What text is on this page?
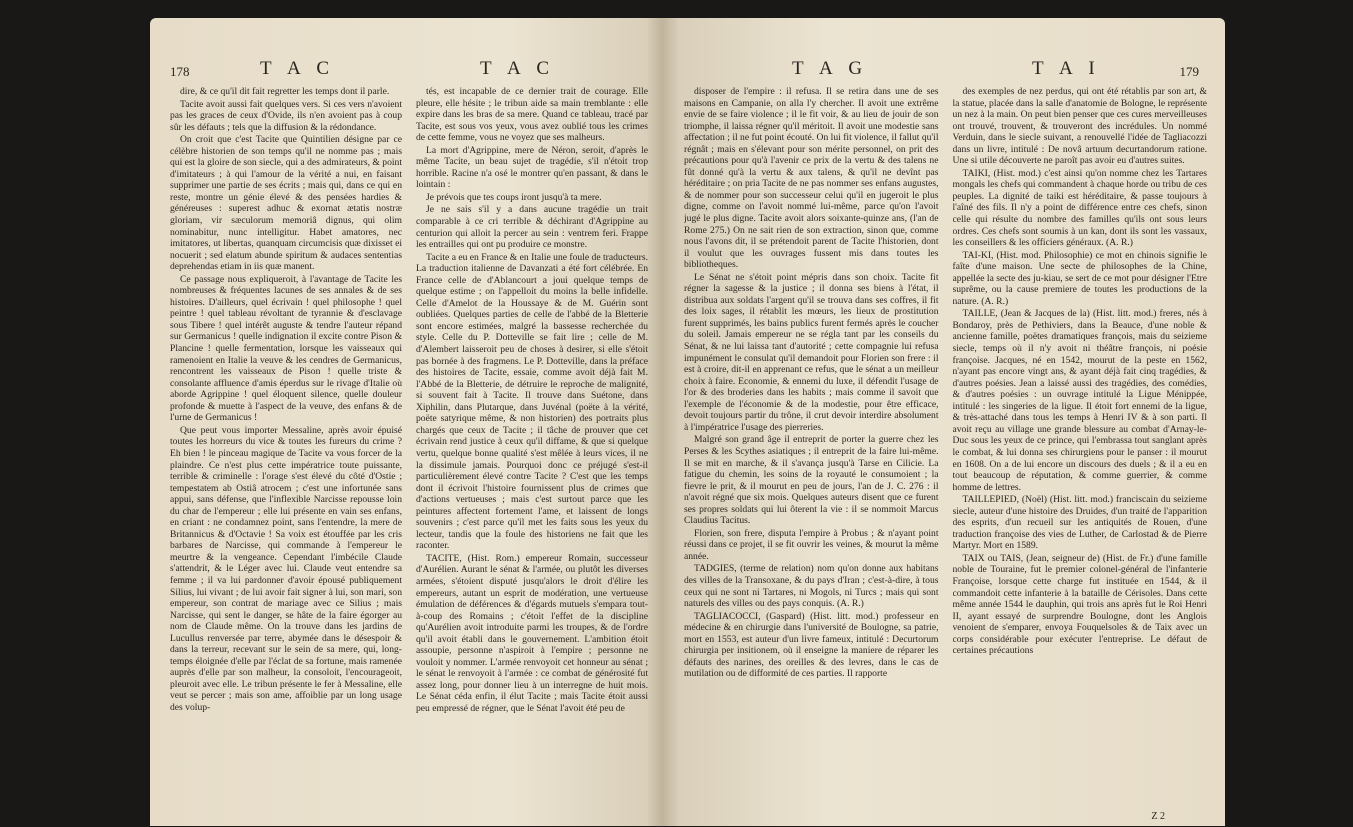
178	T A C	T A C

dire, & ce qu'il dit fait regretter les temps dont il parle.

Tacite avoit aussi fait quelques vers. Si ces vers n'avoient pas les graces de ceux d'Ovide, ils n'en avoient pas à coup sûr les défauts ; tels que la diffusion & la rédondance.

On croit que c'est Tacite que Quintilien désigne par ce célèbre historien de son temps qu'il ne nomme pas ; mais qui est la gloire de son siecle, qui a des admirateurs, & point d'imitateurs ; à qui l'amour de la vérité a nui, en faisant supprimer une partie de ses écrits ; mais qui, dans ce qui en reste, montre un génie élevé & des pensées hardies & généreuses : superest adhuc & exornat ætatis nostræ gloriam, vir sæculorum memoriâ dignus, qui olim nominabitur, nunc intelligitur. Habet amatores, nec imitatores, ut libertas, quanquam circumcisis quæ dixisset ei nocuerit ; sed elatum abunde spiritum & audaces sententias deprehendas etiam in iis quæ manent.

Ce passage nous expliqueroit, à l'avantage de Tacite les nombreuses & fréquentes lacunes de ses annales & de ses histoires. D'ailleurs, quel écrivain ! quel philosophe ! quel peintre ! quel tableau révoltant de tyrannie & d'esclavage sous Tibere ! quel intérêt auguste & tendre l'auteur répand sur Germanicus ! quelle indignation il excite contre Pison & Plancine ! quelle fermentation, lorsque les vaisseaux qui ramenoient en Italie la veuve & les cendres de Germanicus, rencontrent les vaisseaux de Pison ! quelle triste & consolante affluence d'amis éperdus sur le rivage d'Italie où aborde Agrippine ! quel éloquent silence, quelle douleur profonde & muette à l'aspect de la veuve, des enfans & de l'urne de Germanicus !

Que peut vous importer Messaline, après avoir épuisé toutes les horreurs du vice & toutes les fureurs du crime ? Eh bien ! le pinceau magique de Tacite va vous forcer de la plaindre. Ce n'est plus cette impératrice toute puissante, terrible & criminelle : l'orage s'est élevé du côté d'Ostie ; tempestatem ab Ostiâ atrocem ; c'est une infortunée sans appui, sans défense, que l'inflexible Narcisse repousse loin du char de l'empereur ; elle lui présente en vain ses enfans, en criant : ne condamnez point, sans l'entendre, la mere de Britannicus & d'Octavie ! Sa voix est étouffée par les cris barbares de Narcisse, qui commande à l'empereur le meurtre & la vengeance. Cependant l'imbécile Claude s'attendrit, & le Léger avec lui. Claude veut entendre sa femme ; il va lui pardonner d'avoir épousé publiquement Silius, lui vivant ; de lui avoir fait signer à lui, son mari, son empereur, son contrat de mariage avec ce Silius ; mais Narcisse, qui sent le danger, se hâte de la faire égorger au nom de Claude même. On la trouve dans les jardins de Lucullus renversée par terre, abymée dans le désespoir & dans la terreur, recevant sur le sein de sa mere, qui, long-temps éloignée d'elle par l'éclat de sa fortune, mais ramenée auprès d'elle par son malheur, la consoloit, l'encourageoit, pleuroit avec elle. Le tribun présente le fer à Messaline, elle veut se percer ; mais son ame, affoiblie par un long usage des volup-

tés, est incapable de ce dernier trait de courage. Elle pleure, elle hésite ; le tribun aide sa main tremblante : elle expire dans les bras de sa mere. Quand ce tableau, tracé par Tacite, est sous vos yeux, vous avez oublié tous les crimes de cette femme, vous ne voyez que ses malheurs.

La mort d'Agrippine, mere de Néron, seroit, d'après le même Tacite, un beau sujet de tragédie, s'il n'étoit trop horrible. Racine n'a osé le montrer qu'en passant, & dans le lointain :

Je prévois que tes coups iront jusqu'à ta mere.

Je ne sais s'il y a dans aucune tragédie un trait comparable à ce cri terrible & déchirant d'Agrippine au centurion qui alloit la percer au sein : ventrem feri. Frappe les entrailles qui ont pu produire ce monstre.

Tacite a eu en France & en Italie une foule de traducteurs. La traduction italienne de Davanzati a été fort célébrée. En France celle de d'Ablancourt a joui quelque temps de quelque estime ; on l'appelloit du moins la belle infidelle. Celle d'Amelot de la Houssaye & de M. Guérin sont oubliées. Quelques parties de celle de l'abbé de la Bletterie sont encore estimées, malgré la bassesse recherchée du style. Celle du P. Dotteville se fait lire ; celle de M. d'Alembert laisseroit peu de choses à desirer, si elle s'étoit pas bornée à des fragmens. Le P. Dotteville, dans la préface des histoires de Tacite, essaie, comme avoit déjà fait M. l'Abbé de la Bletterie, de détruire le reproche de malignité, si souvent fait à Tacite. Il trouve dans Suétone, dans Xiphilin, dans Plutarque, dans Juvénal (poëte à la vérité, poëte satyrique même, & non historien) des portraits plus chargés que ceux de Tacite ; il tâche de prouver que cet écrivain rend justice à ceux qu'il diffame, & que si quelque vertu, quelque bonne qualité s'est mêlée à leurs vices, il ne la dissimule jamais. Pourquoi donc ce préjugé s'est-il particulièrement élevé contre Tacite ? C'est que les temps dont il écrivoit l'histoire fournissent plus de crimes que d'actions vertueuses ; mais c'est surtout parce que les peintures affectent fortement l'ame, et laissent de longs souvenirs ; c'est parce qu'il met les faits sous les yeux du lecteur, tandis que la foule des historiens ne fait que les raconter.

TACITE, (Hist. Rom.) empereur Romain, successeur d'Aurélien. Aurant le sénat & l'armée, ou plutôt les diverses armées, s'étoient disputé jusqu'alors le droit d'élire les empereurs, autant un esprit de modération, une vertueuse émulation de déférences & d'égards mutuels s'empara tout-à-coup des Romains ; c'étoit l'effet de la discipline qu'Aurélien avoit introduite parmi les troupes, & de l'ordre qu'il avoit établi dans le gouvernement. L'ambition étoit assoupie, personne n'aspiroit à l'empire ; personne ne vouloit y nommer. L'armée renvoyoit cet honneur au sénat ; le sénat le renvoyoit à l'armée : ce combat de générosité fut assez long, pour donner lieu à un interregne de huit mois. Le Sénat céda enfin, il élut Tacite ; mais Tacite étoit aussi peu empressé de régner, que le Sénat l'avoit été peu de

T A G	T A I	179

disposer de l'empire : il refusa. Il se retira dans une de ses maisons en Campanie, on alla l'y chercher. Il avoit une extrême envie de se faire violence ; il le fit voir, & au lieu de jouir de son triomphe, il laissa régner qu'il méritoit. Il avoit une modestie sans affectation ; il ne fut point écouté. On lui fit violence, il fallut qu'il régnât ; mais en s'élevant pour son mérite personnel, on prit des précautions pour qu'à l'avenir ce prix de la vertu & des talens ne fût donné qu'à la vertu & aux talens, & qu'il ne devînt pas héréditaire ; on pria Tacite de ne pas nommer ses enfans augustes, & de nommer pour son successeur celui qu'il en jugeroit le plus digne, comme on l'avoit nommé lui-même, parce qu'on l'avoit jugé le plus digne. Tacite avoit alors soixante-quinze ans, (l'an de Rome 275.) On ne sait rien de son extraction, sinon que, comme nous l'avons dit, il se prétendoit parent de Tacite l'historien, dont il voulut que les ouvrages fussent mis dans toutes les bibliotheques.

Le Sénat ne s'étoit point mépris dans son choix. Tacite fit régner la sagesse & la justice ; il donna ses biens à l'état, il distribua aux soldats l'argent qu'il se trouva dans ses coffres, il fit des loix sages, il rétablit les mœurs, les lieux de prostitution furent supprimés, les bains publics furent fermés après le coucher du soleil. Jamais empereur ne se régla tant par les conseils du Sénat, & ne lui laissa tant d'autorité ; cette compagnie lui refusa impunément le consulat qu'il demandoit pour Florien son frere : il est à croire, dit-il en apprenant ce refus, que le sénat a un meilleur choix à faire. Economie, & ennemi du luxe, il défendit l'usage de l'or & des broderies dans les habits ; mais comme il savoit que l'exemple de l'économie & de la modestie, pour être efficace, devoit toujours partir du trône, il crut devoir interdire absolument à l'impératrice l'usage des pierreries.

Malgré son grand âge il entreprit de porter la guerre chez les Perses & les Scythes asiatiques ; il entreprit de la faire lui-même. Il se mit en marche, & il s'avança jusqu'à Tarse en Cilicie. La fatigue du chemin, les soins de la royauté le consumoient ; la fievre le prit, & il mourut en peu de jours, l'an de J. C. 276 : il n'avoit régné que six mois. Quelques auteurs disent que ce furent ses propres soldats qui lui ôterent la vie : il se nommoit Marcus Claudius Tacitus.

Florien, son frere, disputa l'empire à Probus ; & n'ayant point réussi dans ce projet, il se fit ouvrir les veines, & mourut la même année.

TADGIES, (terme de relation) nom qu'on donne aux habitans des villes de la Transoxane, & du pays d'Iran ; c'est-à-dire, à tous ceux qui ne sont ni Tartares, ni Mogols, ni Turcs ; mais qui sont naturels des villes ou des pays conquis. (A. R.)

TAGLIACOCCI, (Gaspard) (Hist. litt. mod.) professeur en médecine & en chirurgie dans l'université de Boulogne, sa patrie, mort en 1553, est auteur d'un livre fameux, intitulé : Decurtorum chirurgia per insitionem, où il enseigne la maniere de réparer les défauts des narines, des oreilles & des levres, dans le cas de mutilation ou de difformité de ces parties. Il rapporte

des exemples de nez perdus, qui ont été rétablis par son art, & la statue, placée dans la salle d'anatomie de Bologne, le représente un nez à la main. On peut bien penser que ces cures merveilleuses ont trouvé, trouvent, & trouveront des incrédules. Un nommé Verduin, dans le siecle suivant, a renouvellé l'idée de Tagliacozzi dans un livre, intitulé : De novâ artuum decurtandorum ratione. Une si utile découverte ne paroît pas avoir eu d'autres suites.

TAIKI, (Hist. mod.) c'est ainsi qu'on nomme chez les Tartares mongals les chefs qui commandent à chaque horde ou tribu de ces peuples. La dignité de taiki est héréditaire, & passe toujours à l'aîné des fils. Il n'y a point de différence entre ces chefs, sinon celle qui résulte du nombre des familles qu'ils ont sous leurs ordres. Ces chefs sont soumis à un kan, dont ils sont les vassaux, les conseillers & les officiers généraux. (A. R.)

TAI-KI, (Hist. mod. Philosophie) ce mot en chinois signifie le faîte d'une maison. Une secte de philosophes de la Chine, appellée la secte des ju-kiau, se sert de ce mot pour désigner l'Etre suprême, ou la cause premiere de toutes les productions de la nature. (A. R.)

TAILLE, (Jean & Jacques de la) (Hist. litt. mod.) freres, nés à Bondaroy, près de Pethiviers, dans la Beauce, d'une noble & ancienne famille, poëtes dramatiques françois, mais du seizieme siecle, temps où il n'y avoit ni théâtre françois, ni poésie françoise. Jacques, né en 1542, mourut de la peste en 1562, n'ayant pas encore vingt ans, & ayant déjà fait cinq tragédies, & d'autres poésies. Jean a laissé aussi des tragédies, des comédies, & d'autres poésies : un ouvrage intitulé la Ligue Ménippée, intitulé : les singeries de la ligue. Il étoit fort ennemi de la ligue, & très-attaché dans tous les temps à Henri IV & à son parti. Il avoit reçu au village une grande blessure au combat d'Arnay-le-Duc sous les yeux de ce prince, qui l'embrassa tout sanglant après le combat, & lui donna ses chirurgiens pour le panser : il mourut en 1608. On a de lui encore un discours des duels ; & il a eu en tout beaucoup de réputation, & comme guerrier, & comme homme de lettres.

TAILLEPIED, (Noël) (Hist. litt. mod.) franciscain du seizieme siecle, auteur d'une histoire des Druides, d'un traité de l'apparition des esprits, d'un recueil sur les antiquités de Rouen, d'une traduction françoise des vies de Luther, de Carlostad & de Pierre Martyr. Mort en 1589.

TAIX ou TAIS, (Jean, seigneur de) (Hist. de Fr.) d'une famille noble de Touraine, fut le premier colonel-général de l'infanterie Françoise, lorsque cette charge fut instituée en 1544, & il commandoit cette infanterie à la bataille de Cérisoles. Dans cette même année 1544 le dauphin, qui trois ans après fut le Roi Henri II, ayant essayé de surprendre Boulogne, dont les Anglois venoient de s'emparer, envoya Fouquelsoles & de Taix avec un corps considérable pour exécuter l'entreprise. Le défaut de certaines précautions

Z 2
